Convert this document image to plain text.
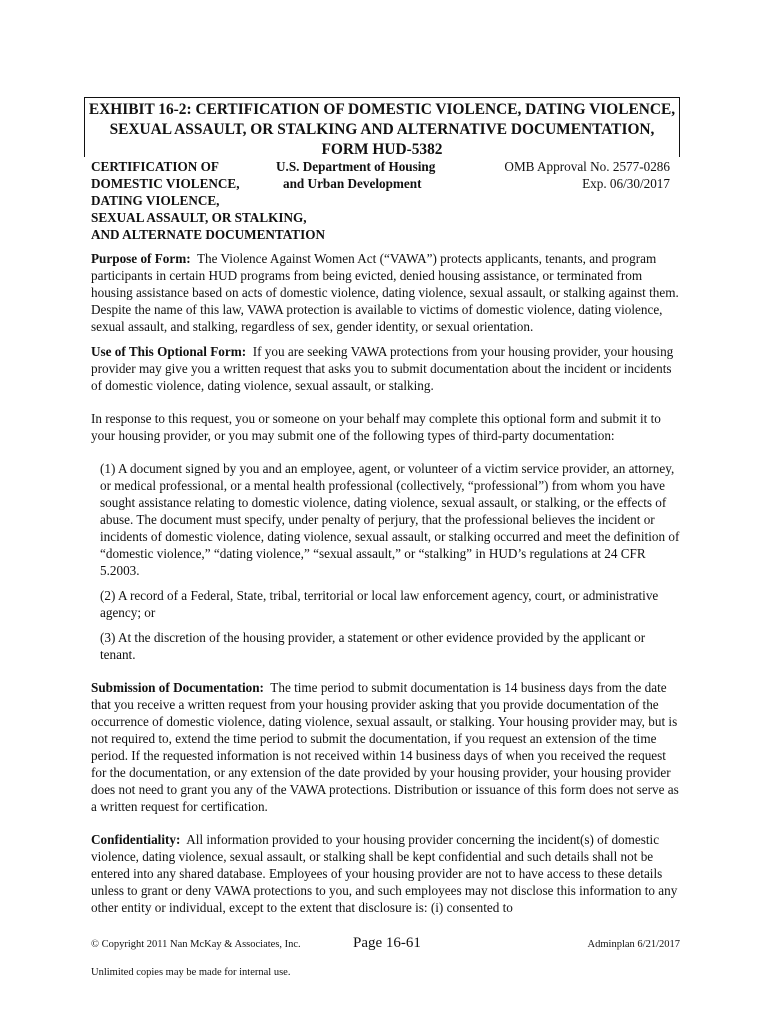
EXHIBIT 16-2: CERTIFICATION OF DOMESTIC VIOLENCE, DATING VIOLENCE,
SEXUAL ASSAULT, OR STALKING AND ALTERNATIVE DOCUMENTATION,
FORM HUD-5382
CERTIFICATION OF
DOMESTIC VIOLENCE,
DATING VIOLENCE,
SEXUAL ASSAULT, OR STALKING,
AND ALTERNATE DOCUMENTATION
U.S. Department of Housing
and Urban Development
OMB Approval No. 2577-0286
Exp. 06/30/2017

Purpose of Form: The Violence Against Women Act (“VAWA”) protects applicants, tenants, and program participants in certain HUD programs from being evicted, denied housing assistance, or terminated from housing assistance based on acts of domestic violence, dating violence, sexual assault, or stalking against them. Despite the name of this law, VAWA protection is available to victims of domestic violence, dating violence, sexual assault, and stalking, regardless of sex, gender identity, or sexual orientation.

Use of This Optional Form: If you are seeking VAWA protections from your housing provider, your housing provider may give you a written request that asks you to submit documentation about the incident or incidents of domestic violence, dating violence, sexual assault, or stalking.

In response to this request, you or someone on your behalf may complete this optional form and submit it to your housing provider, or you may submit one of the following types of third-party documentation:

(1) A document signed by you and an employee, agent, or volunteer of a victim service provider, an attorney, or medical professional, or a mental health professional (collectively, “professional”) from whom you have sought assistance relating to domestic violence, dating violence, sexual assault, or stalking, or the effects of abuse. The document must specify, under penalty of perjury, that the professional believes the incident or incidents of domestic violence, dating violence, sexual assault, or stalking occurred and meet the definition of “domestic violence,” “dating violence,” “sexual assault,” or “stalking” in HUD’s regulations at 24 CFR 5.2003.

(2) A record of a Federal, State, tribal, territorial or local law enforcement agency, court, or administrative agency; or

(3) At the discretion of the housing provider, a statement or other evidence provided by the applicant or tenant.

Submission of Documentation: The time period to submit documentation is 14 business days from the date that you receive a written request from your housing provider asking that you provide documentation of the occurrence of domestic violence, dating violence, sexual assault, or stalking. Your housing provider may, but is not required to, extend the time period to submit the documentation, if you request an extension of the time period. If the requested information is not received within 14 business days of when you received the request for the documentation, or any extension of the date provided by your housing provider, your housing provider does not need to grant you any of the VAWA protections. Distribution or issuance of this form does not serve as a written request for certification.

Confidentiality: All information provided to your housing provider concerning the incident(s) of domestic violence, dating violence, sexual assault, or stalking shall be kept confidential and such details shall not be entered into any shared database. Employees of your housing provider are not to have access to these details unless to grant or deny VAWA protections to you, and such employees may not disclose this information to any other entity or individual, except to the extent that disclosure is: (i) consented to

© Copyright 2011 Nan McKay & Associates, Inc.	Page 16-61	Adminplan 6/21/2017
Unlimited copies may be made for internal use.
